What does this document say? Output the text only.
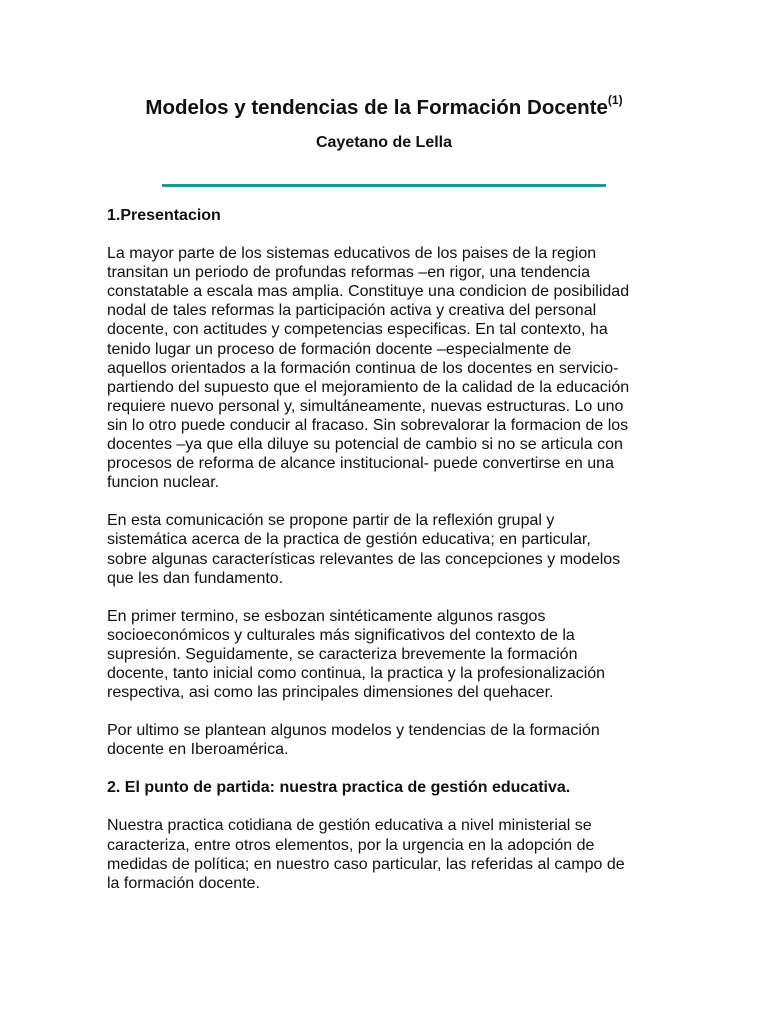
Modelos y tendencias de la Formación Docente$^{(1)}$
Cayetano de Lella
1.Presentacion
La mayor parte de los sistemas educativos de los paises de la region
transitan un periodo de profundas reformas –en rigor, una tendencia
constatable a escala mas amplia. Constituye una condicion de posibilidad
nodal de tales reformas la participación activa y creativa del personal
docente, con actitudes y competencias especificas. En tal contexto, ha
tenido lugar un proceso de formación docente –especialmente de
aquellos orientados a la formación continua de los docentes en servicio-
partiendo del supuesto que el mejoramiento de la calidad de la educación
requiere nuevo personal y, simultáneamente, nuevas estructuras. Lo uno
sin lo otro puede conducir al fracaso. Sin sobrevalorar la formacion de los
docentes –ya que ella diluye su potencial de cambio si no se articula con
procesos de reforma de alcance institucional- puede convertirse en una
funcion nuclear.
En esta comunicación se propone partir de la reflexión grupal y
sistemática acerca de la practica de gestión educativa; en particular,
sobre algunas características relevantes de las concepciones y modelos
que les dan fundamento.
En primer termino, se esbozan sintéticamente algunos rasgos
socioeconómicos y culturales más significativos del contexto de la
supresión. Seguidamente, se caracteriza brevemente la formación
docente, tanto inicial como continua, la practica y la profesionalización
respectiva, asi como las principales dimensiones del quehacer.
Por ultimo se plantean algunos modelos y tendencias de la formación
docente en Iberoamérica.
2. El punto de partida: nuestra practica de gestión educativa.
Nuestra practica cotidiana de gestión educativa a nivel ministerial se
caracteriza, entre otros elementos, por la urgencia en la adopción de
medidas de política; en nuestro caso particular, las referidas al campo de
la formación docente.
